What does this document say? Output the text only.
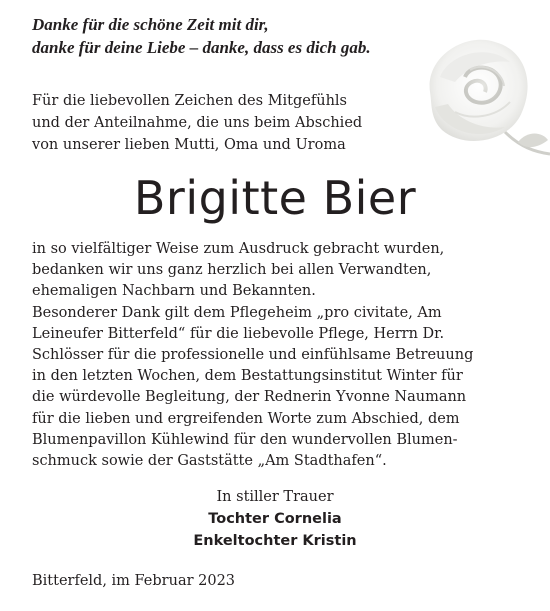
Danke für die schöne Zeit mit dir,
danke für deine Liebe – danke, dass es dich gab.
Für die liebevollen Zeichen des Mitgefühls
und der Anteilnahme, die uns beim Abschied
von unserer lieben Mutti, Oma und Uroma
Brigitte Bier
in so vielfältiger Weise zum Ausdruck gebracht wurden,
bedanken wir uns ganz herzlich bei allen Verwandten,
ehemaligen Nachbarn und Bekannten.
Besonderer Dank gilt dem Pflegeheim „pro civitate, Am
Leineufer Bitterfeld“ für die liebevolle Pflege, Herrn Dr.
Schlösser für die professionelle und einfühlsame Betreuung
in den letzten Wochen, dem Bestattungsinstitut Winter für
die würdevolle Begleitung, der Rednerin Yvonne Naumann
für die lieben und ergreifenden Worte zum Abschied, dem
Blumenpavillon Kühlewind für den wundervollen Blumen-
schmuck sowie der Gaststätte „Am Stadthafen“.
In stiller Trauer
Tochter Cornelia
Enkeltochter Kristin
Bitterfeld, im Februar 2023
